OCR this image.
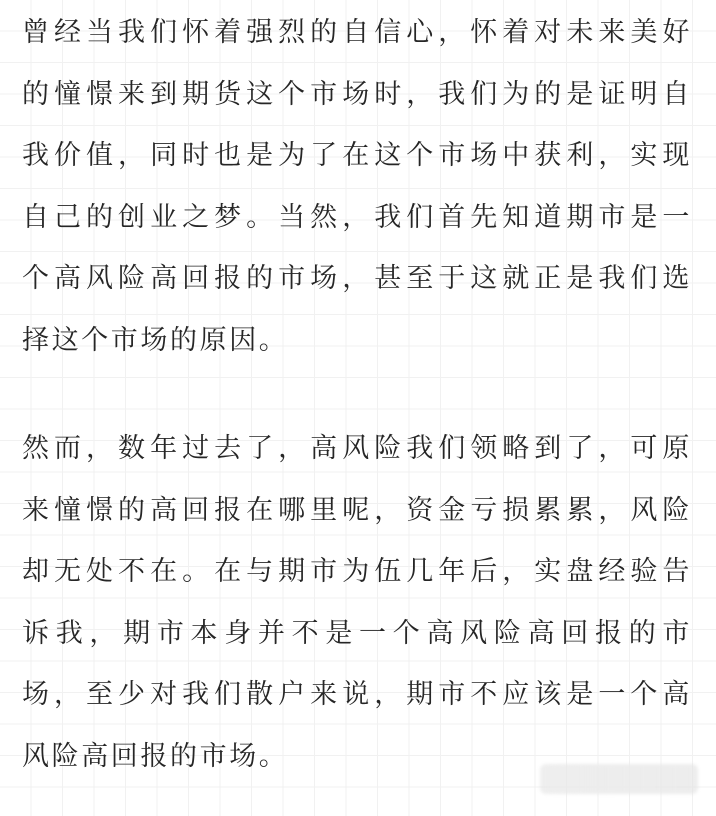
曾经当我们怀着强烈的自信心，怀着对未来美好
的憧憬来到期货这个市场时，我们为的是证明自
我价值，同时也是为了在这个市场中获利，实现
自己的创业之梦。当然，我们首先知道期市是一
个高风险高回报的市场，甚至于这就正是我们选
择这个市场的原因。
然而，数年过去了，高风险我们领略到了，可原
来憧憬的高回报在哪里呢，资金亏损累累，风险
却无处不在。在与期市为伍几年后，实盘经验告
诉我，期市本身并不是一个高风险高回报的市
场，至少对我们散户来说，期市不应该是一个高
风险高回报的市场。
